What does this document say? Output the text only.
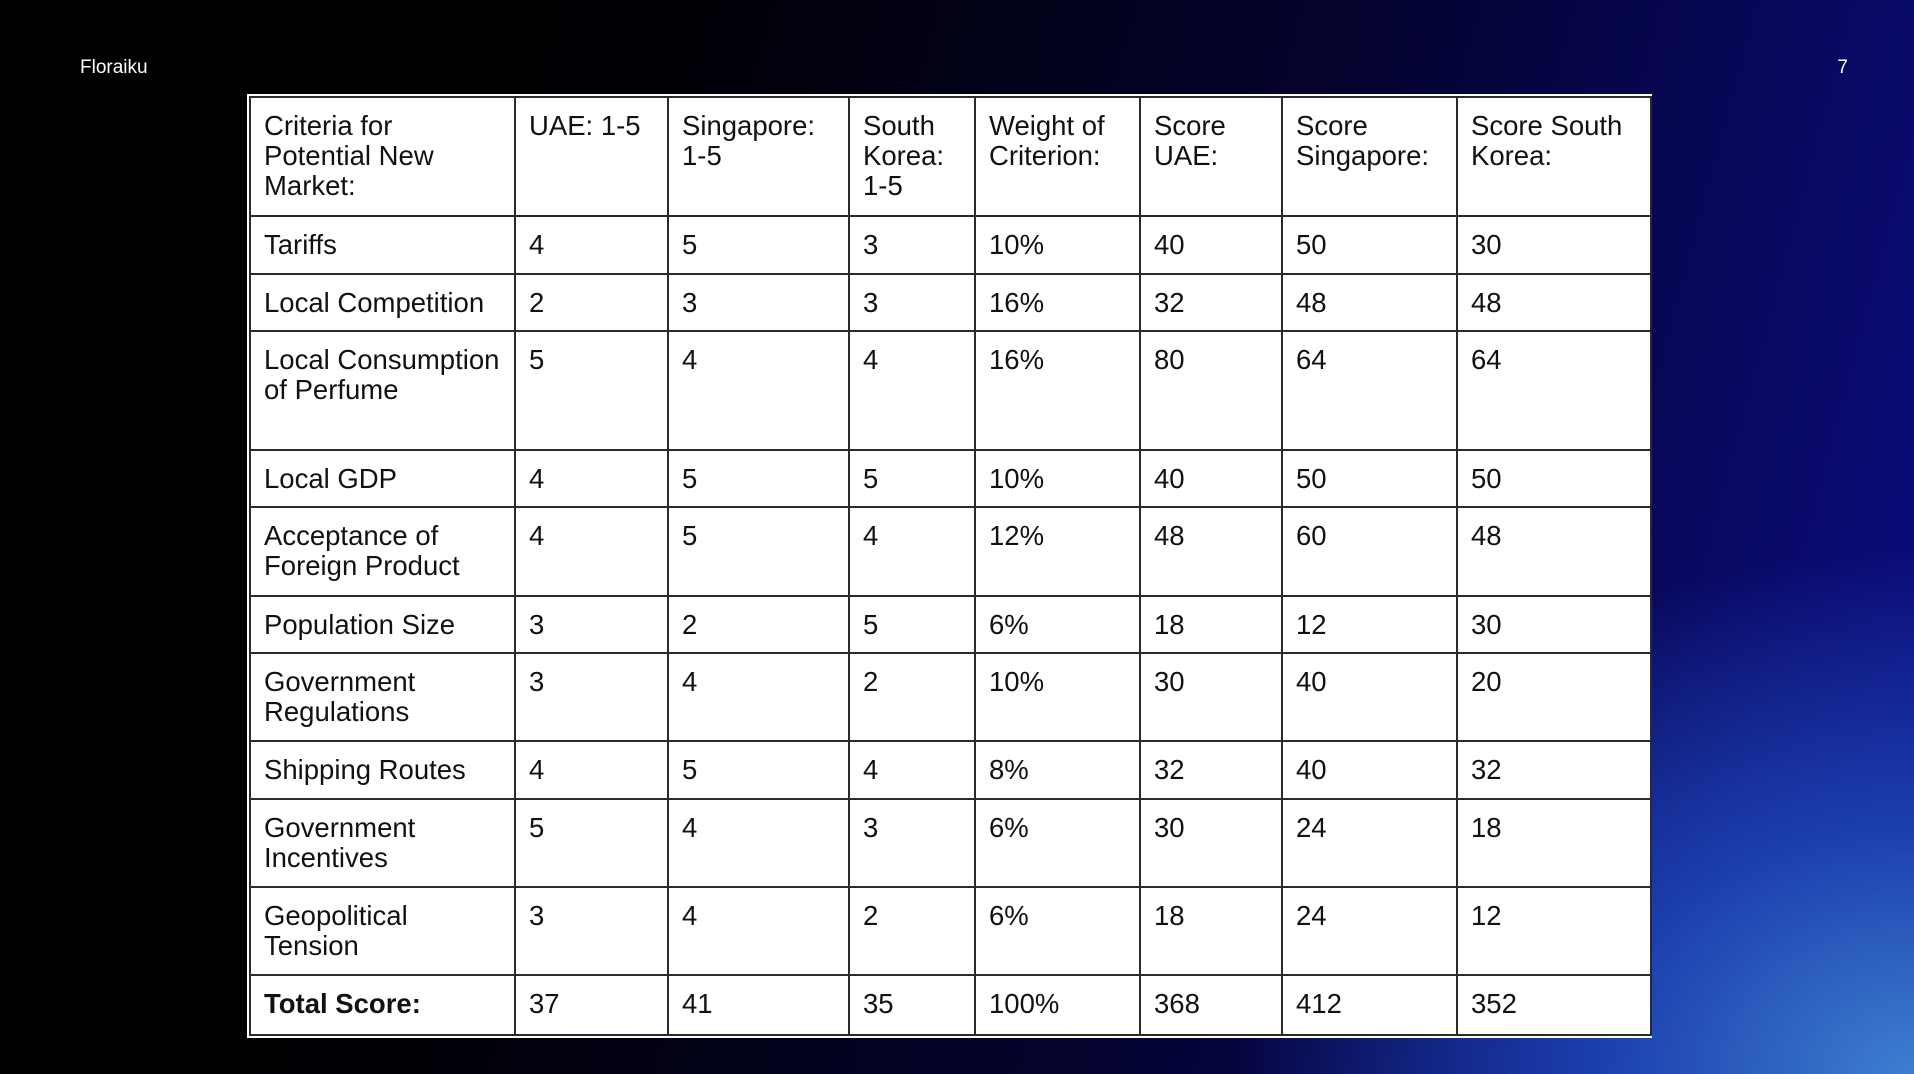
Floraiku	7
Criteria for Potential New Market:	UAE: 1-5	Singapore: 1-5	South Korea: 1-5	Weight of Criterion:	Score UAE:	Score Singapore:	Score South Korea:
Tariffs	4	5	3	10%	40	50	30
Local Competition	2	3	3	16%	32	48	48
Local Consumption of Perfume	5	4	4	16%	80	64	64
Local GDP	4	5	5	10%	40	50	50
Acceptance of Foreign Product	4	5	4	12%	48	60	48
Population Size	3	2	5	6%	18	12	30
Government Regulations	3	4	2	10%	30	40	20
Shipping Routes	4	5	4	8%	32	40	32
Government Incentives	5	4	3	6%	30	24	18
Geopolitical Tension	3	4	2	6%	18	24	12
Total Score:	37	41	35	100%	368	412	352
